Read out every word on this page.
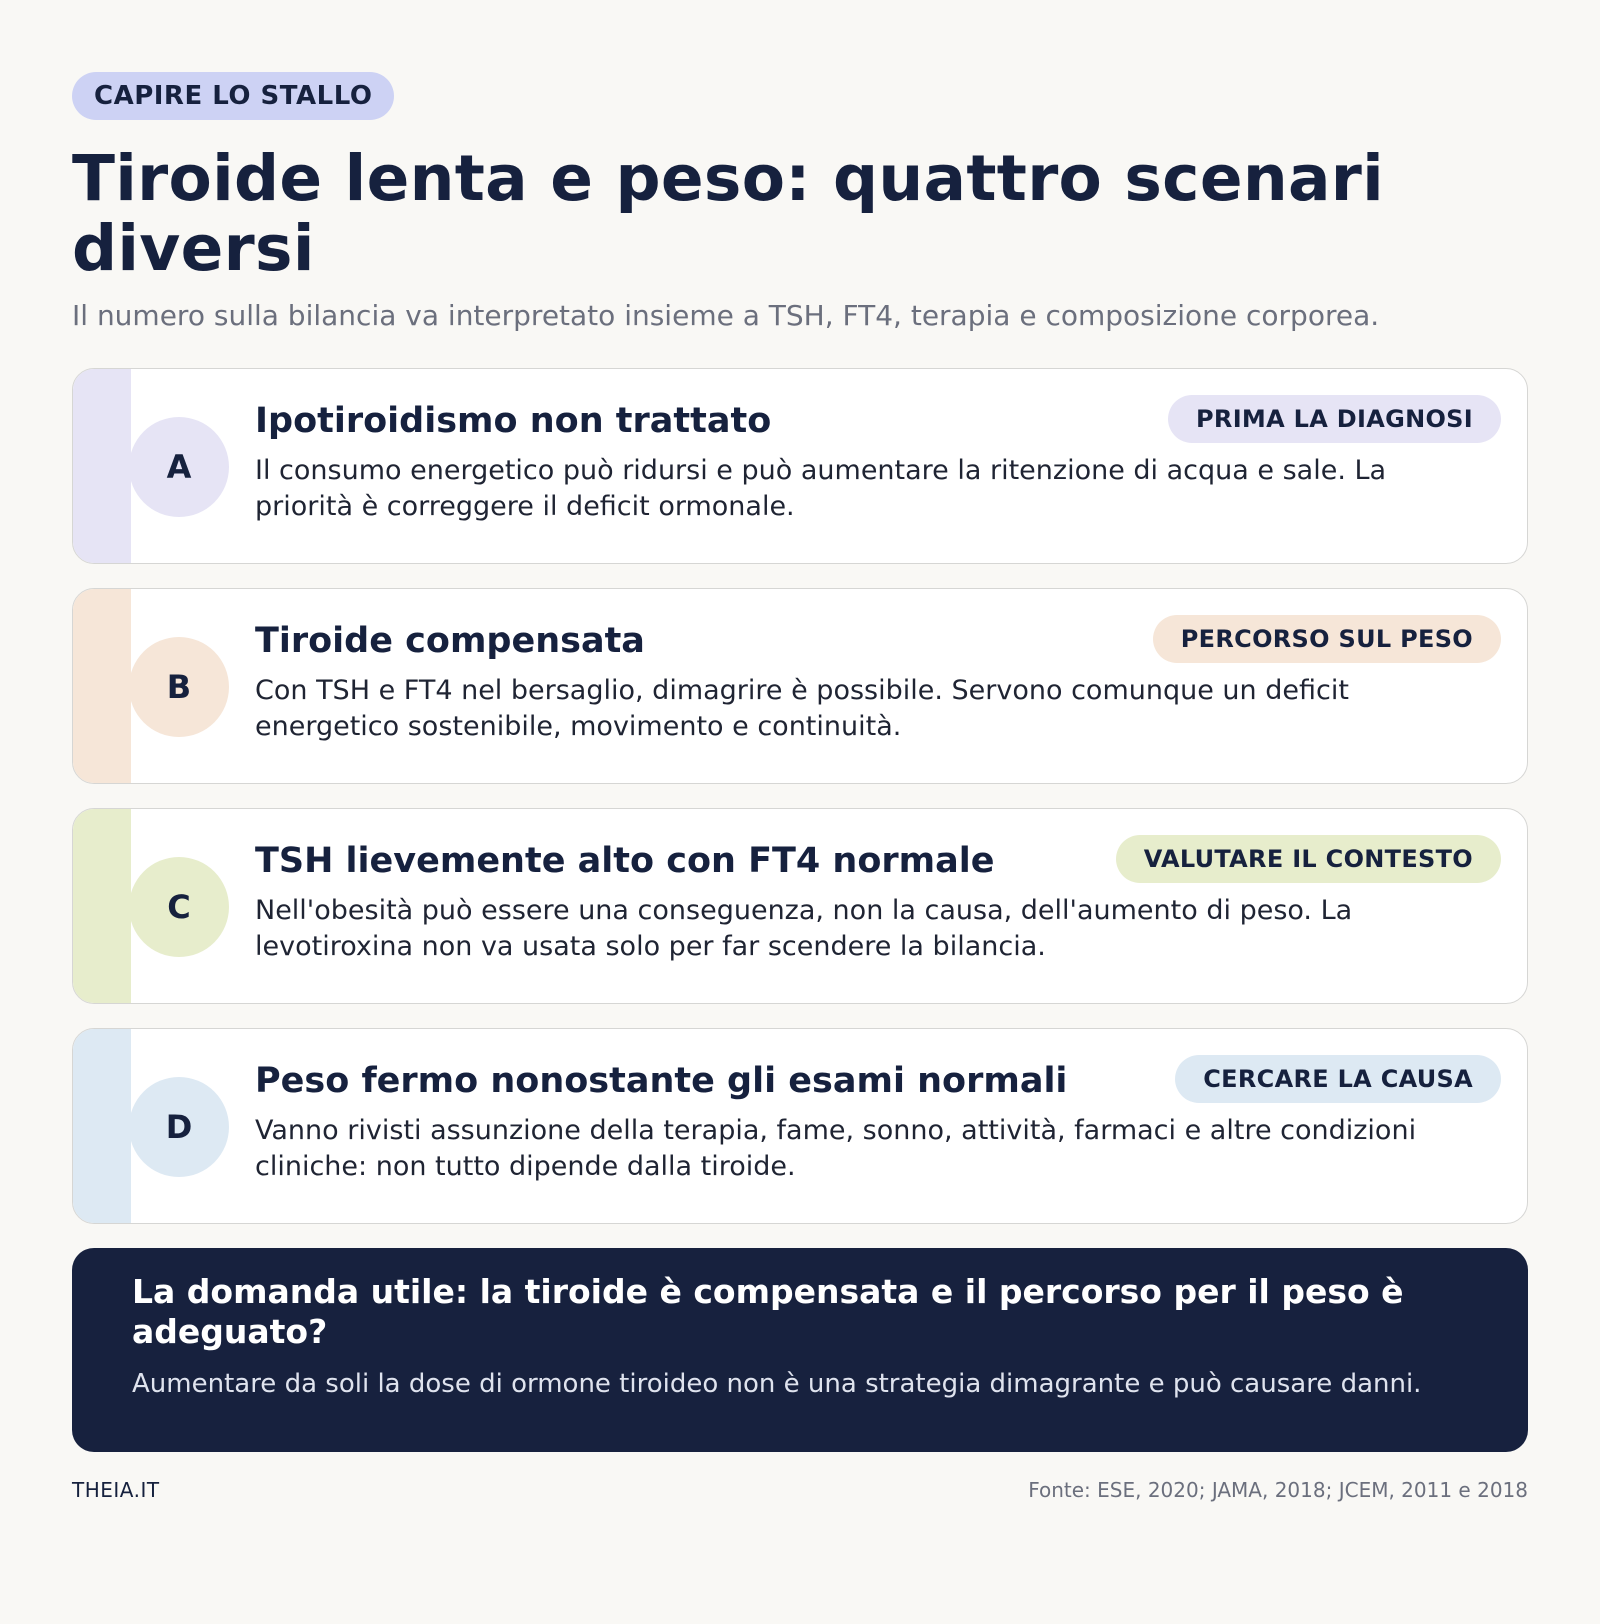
CAPIRE LO STALLO
Tiroide lenta e peso: quattro scenari diversi
Il numero sulla bilancia va interpretato insieme a TSH, FT4, terapia e composizione corporea.
A
Ipotiroidismo non trattato	PRIMA LA DIAGNOSI
Il consumo energetico può ridursi e può aumentare la ritenzione di acqua e sale. La priorità è correggere il deficit ormonale.
B
Tiroide compensata	PERCORSO SUL PESO
Con TSH e FT4 nel bersaglio, dimagrire è possibile. Servono comunque un deficit energetico sostenibile, movimento e continuità.
C
TSH lievemente alto con FT4 normale	VALUTARE IL CONTESTO
Nell'obesità può essere una conseguenza, non la causa, dell'aumento di peso. La levotiroxina non va usata solo per far scendere la bilancia.
D
Peso fermo nonostante gli esami normali	CERCARE LA CAUSA
Vanno rivisti assunzione della terapia, fame, sonno, attività, farmaci e altre condizioni cliniche: non tutto dipende dalla tiroide.
La domanda utile: la tiroide è compensata e il percorso per il peso è adeguato?
Aumentare da soli la dose di ormone tiroideo non è una strategia dimagrante e può causare danni.
THEIA.IT	Fonte: ESE, 2020; JAMA, 2018; JCEM, 2011 e 2018
